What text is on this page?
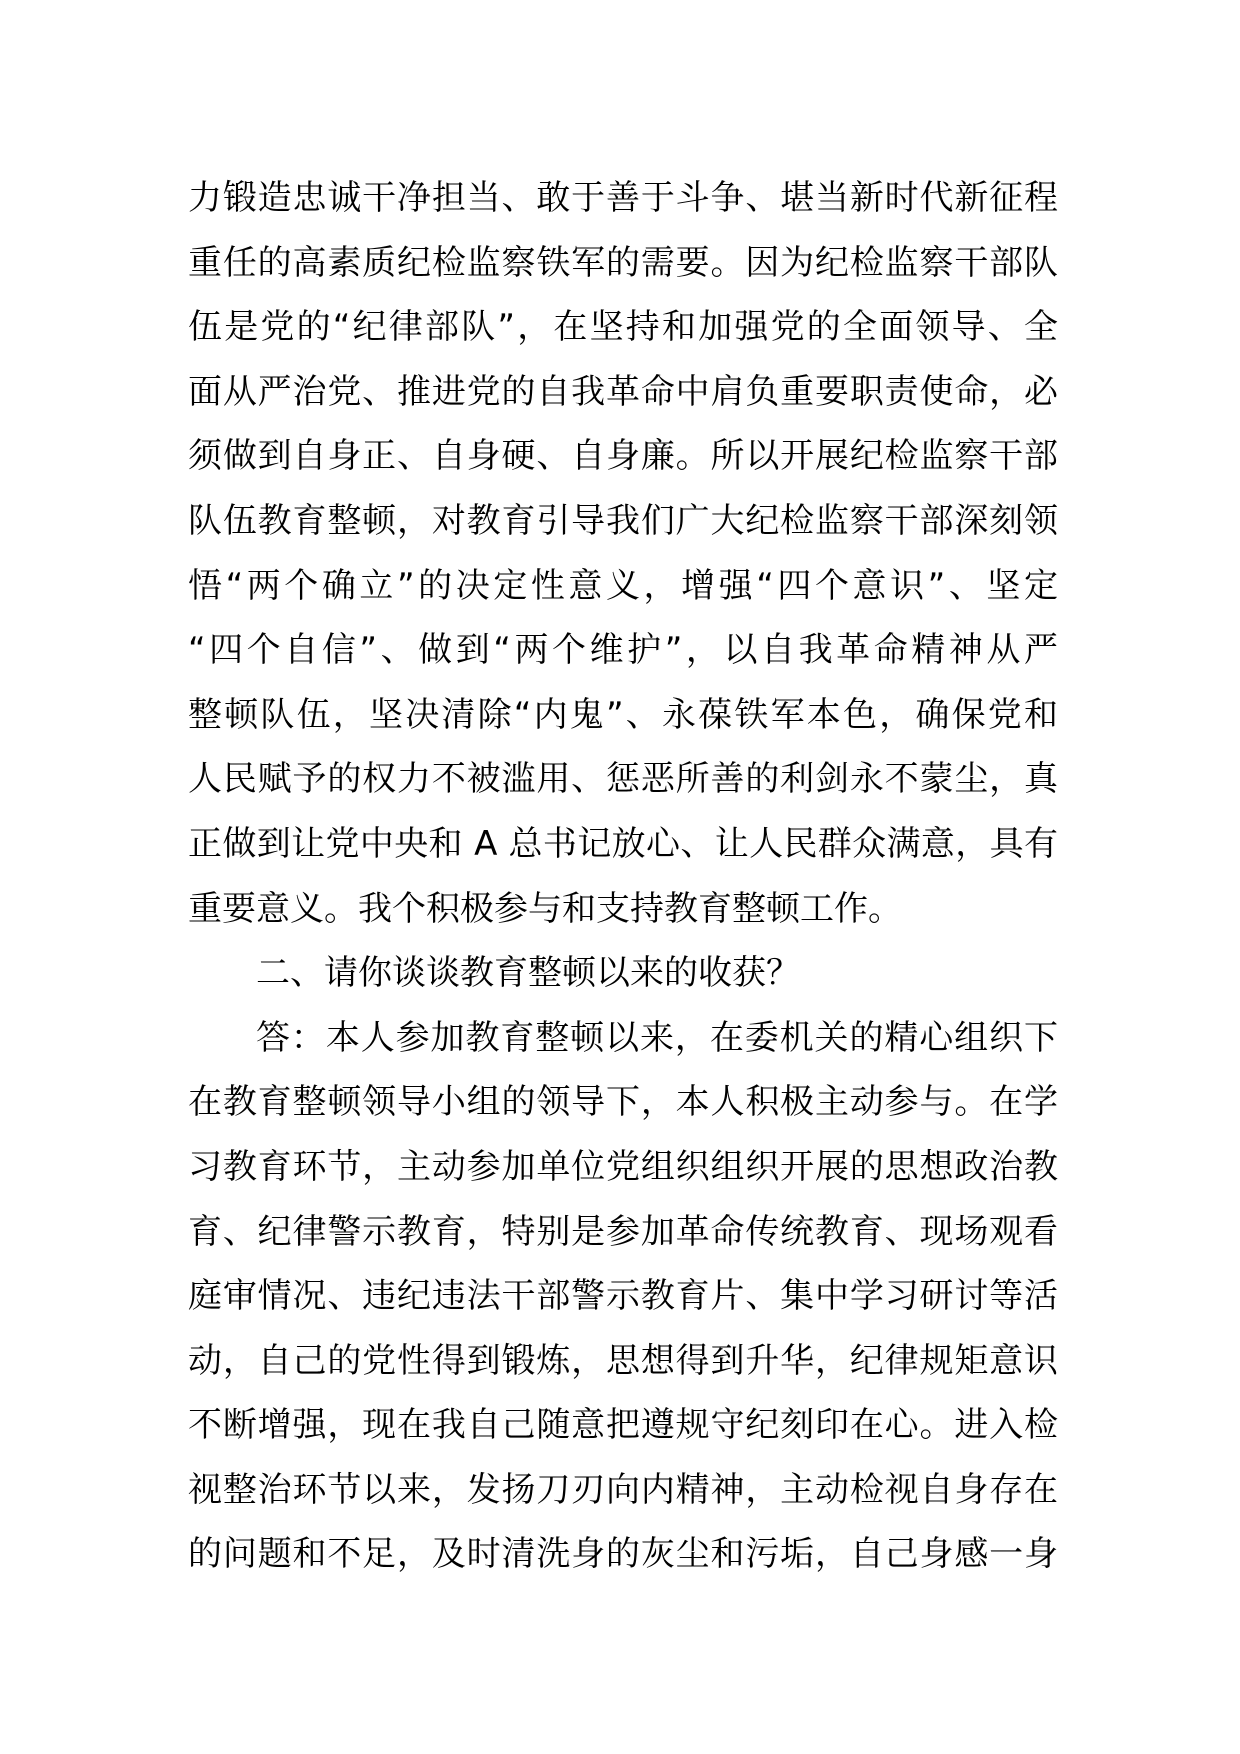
力锻造忠诚干净担当、敢于善于斗争、堪当新时代新征程
重任的高素质纪检监察铁军的需要。因为纪检监察干部队
伍是党的“纪律部队”，在坚持和加强党的全面领导、全
面从严治党、推进党的自我革命中肩负重要职责使命，必
须做到自身正、自身硬、自身廉。所以开展纪检监察干部
队伍教育整顿，对教育引导我们广大纪检监察干部深刻领
悟“两个确立”的决定性意义，增强“四个意识”、坚定
“四个自信”、做到“两个维护”，以自我革命精神从严
整顿队伍，坚决清除“内鬼”、永葆铁军本色，确保党和
人民赋予的权力不被滥用、惩恶所善的利剑永不蒙尘，真
正做到让党中央和 A 总书记放心、让人民群众满意，具有
重要意义。我个积极参与和支持教育整顿工作。
二、请你谈谈教育整顿以来的收获？
答：本人参加教育整顿以来，在委机关的精心组织下
在教育整顿领导小组的领导下，本人积极主动参与。在学
习教育环节，主动参加单位党组织组织开展的思想政治教
育、纪律警示教育，特别是参加革命传统教育、现场观看
庭审情况、违纪违法干部警示教育片、集中学习研讨等活
动，自己的党性得到锻炼，思想得到升华，纪律规矩意识
不断增强，现在我自己随意把遵规守纪刻印在心。进入检
视整治环节以来，发扬刀刃向内精神，主动检视自身存在
的问题和不足，及时清洗身的灰尘和污垢，自己身感一身
